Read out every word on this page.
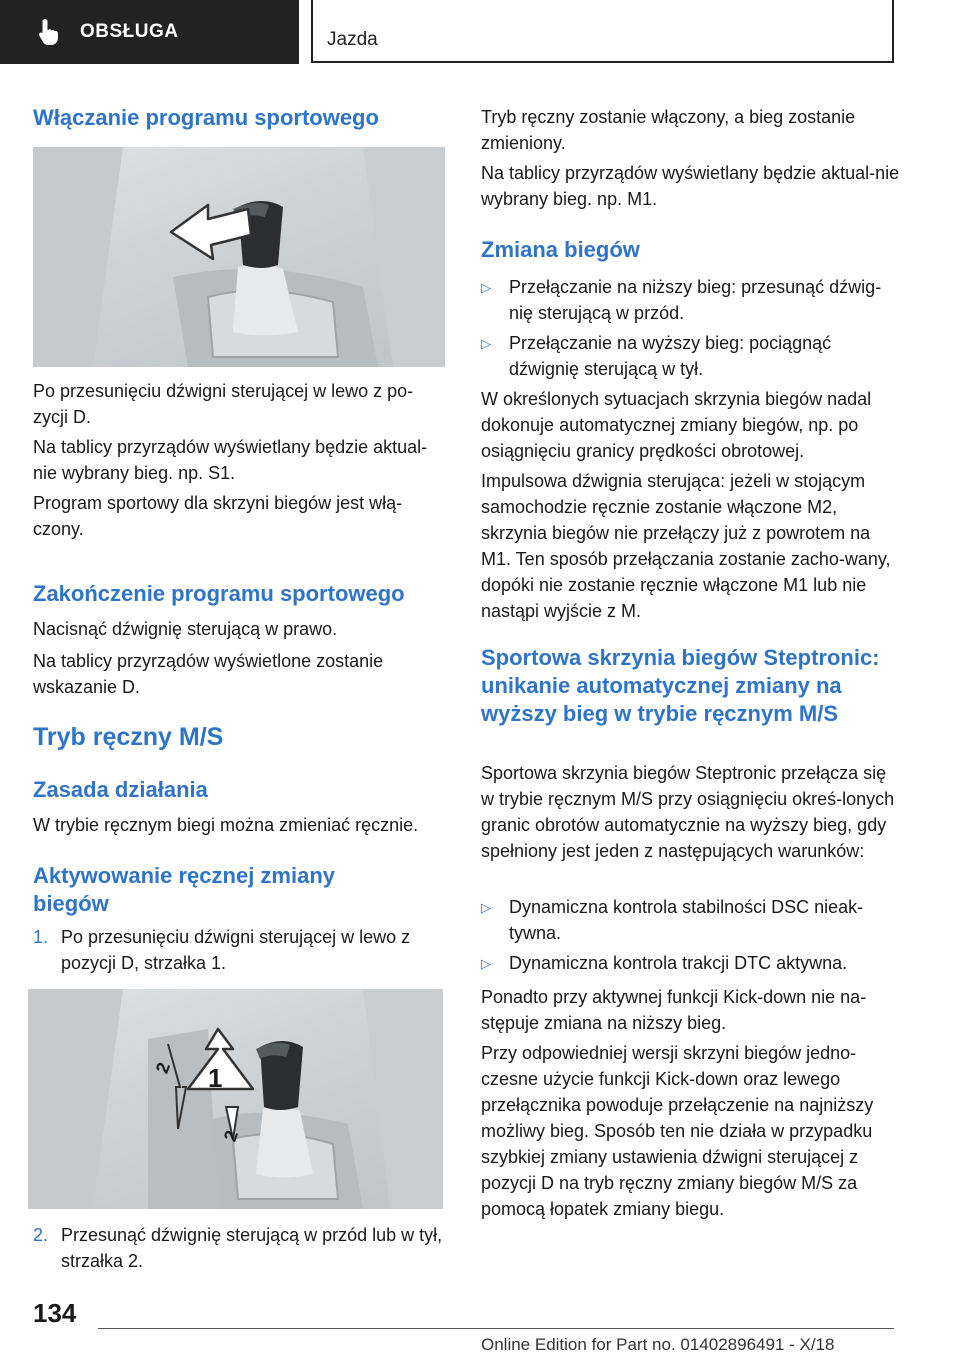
OBSŁUGA	Jazda
Włączanie programu sportowego
Po przesunięciu dźwigni sterującej w lewo z po-zycji D.
Na tablicy przyrządów wyświetlany będzie aktual-nie wybrany bieg. np. S1.
Program sportowy dla skrzyni biegów jest włą-czony.
Zakończenie programu sportowego
Nacisnąć dźwignię sterującą w prawo.
Na tablicy przyrządów wyświetlone zostanie wskazanie D.
Tryb ręczny M/S
Zasada działania
W trybie ręcznym biegi można zmieniać ręcznie.
Aktywowanie ręcznej zmiany biegów
1. Po przesunięciu dźwigni sterującej w lewo z pozycji D, strzałka 1.
1
2
2
2. Przesunąć dźwignię sterującą w przód lub w tył, strzałka 2.
Tryb ręczny zostanie włączony, a bieg zostanie zmieniony.
Na tablicy przyrządów wyświetlany będzie aktual-nie wybrany bieg. np. M1.
Zmiana biegów
▷	Przełączanie na niższy bieg: przesunąć dźwig-nię sterującą w przód.
▷	Przełączanie na wyższy bieg: pociągnąć dźwignię sterującą w tył.
W określonych sytuacjach skrzynia biegów nadal dokonuje automatycznej zmiany biegów, np. po osiągnięciu granicy prędkości obrotowej.
Impulsowa dźwignia sterująca: jeżeli w stojącym samochodzie ręcznie zostanie włączone M2, skrzynia biegów nie przełączy już z powrotem na M1. Ten sposób przełączania zostanie zacho-wany, dopóki nie zostanie ręcznie włączone M1 lub nie nastąpi wyjście z M.
Sportowa skrzynia biegów Steptronic: unikanie automatycznej zmiany na wyższy bieg w trybie ręcznym M/S
Sportowa skrzynia biegów Steptronic przełącza się w trybie ręcznym M/S przy osiągnięciu okreś-lonych granic obrotów automatycznie na wyższy bieg, gdy spełniony jest jeden z następujących warunków:
▷	Dynamiczna kontrola stabilności DSC nieak-tywna.
▷	Dynamiczna kontrola trakcji DTC aktywna.
Ponadto przy aktywnej funkcji Kick-down nie na-stępuje zmiana na niższy bieg.
Przy odpowiedniej wersji skrzyni biegów jedno-czesne użycie funkcji Kick-down oraz lewego przełącznika powoduje przełączenie na najniższy możliwy bieg. Sposób ten nie działa w przypadku szybkiej zmiany ustawienia dźwigni sterującej z pozycji D na tryb ręczny zmiany biegów M/S za pomocą łopatek zmiany biegu.
134
Online Edition for Part no. 01402896491 - X/18
